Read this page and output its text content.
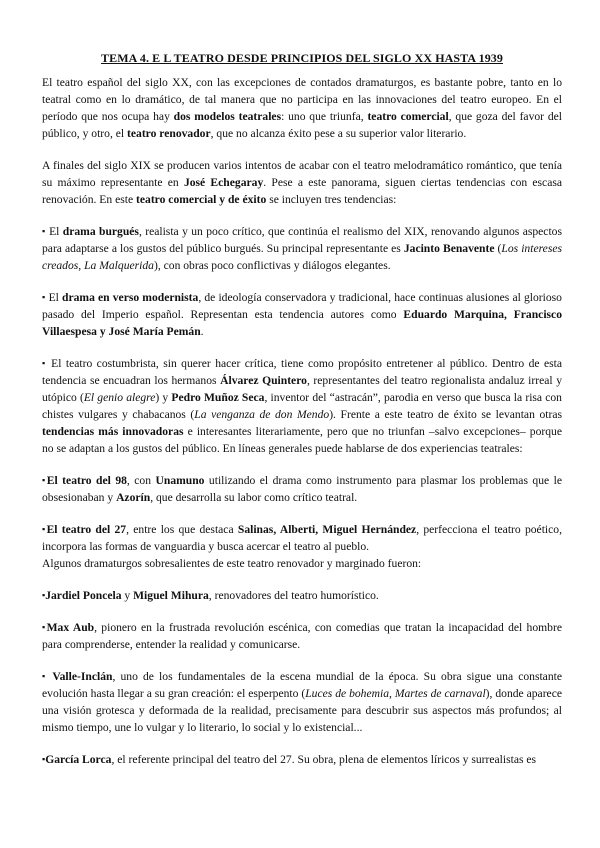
TEMA 4. E L TEATRO DESDE PRINCIPIOS DEL SIGLO XX HASTA 1939

El teatro español del siglo XX, con las excepciones de contados dramaturgos, es bastante pobre, tanto en lo teatral como en lo dramático, de tal manera que no participa en las innovaciones del teatro europeo. En el período que nos ocupa hay dos modelos teatrales: uno que triunfa, teatro comercial, que goza del favor del público, y otro, el teatro renovador, que no alcanza éxito pese a su superior valor literario.

A finales del siglo XIX se producen varios intentos de acabar con el teatro melodramático romántico, que tenía su máximo representante en José Echegaray. Pese a este panorama, siguen ciertas tendencias con escasa renovación. En este teatro comercial y de éxito se incluyen tres tendencias:

▪ El drama burgués, realista y un poco crítico, que continúa el realismo del XIX, renovando algunos aspectos para adaptarse a los gustos del público burgués. Su principal representante es Jacinto Benavente (Los intereses creados, La Malquerida), con obras poco conflictivas y diálogos elegantes.

▪ El drama en verso modernista, de ideología conservadora y tradicional, hace continuas alusiones al glorioso pasado del Imperio español. Representan esta tendencia autores como Eduardo Marquina, Francisco Villaespesa y José María Pemán.

▪ El teatro costumbrista, sin querer hacer crítica, tiene como propósito entretener al público. Dentro de esta tendencia se encuadran los hermanos Álvarez Quintero, representantes del teatro regionalista andaluz irreal y utópico (El genio alegre) y Pedro Muñoz Seca, inventor del “astracán”, parodia en verso que busca la risa con chistes vulgares y chabacanos (La venganza de don Mendo). Frente a este teatro de éxito se levantan otras tendencias más innovadoras e interesantes literariamente, pero que no triunfan –salvo excepciones– porque no se adaptan a los gustos del público. En líneas generales puede hablarse de dos experiencias teatrales:

▪El teatro del 98, con Unamuno utilizando el drama como instrumento para plasmar los problemas que le obsesionaban y Azorín, que desarrolla su labor como crítico teatral.

▪El teatro del 27, entre los que destaca Salinas, Alberti, Miguel Hernández, perfecciona el teatro poético, incorpora las formas de vanguardia y busca acercar el teatro al pueblo.

Algunos dramaturgos sobresalientes de este teatro renovador y marginado fueron:

▪Jardiel Poncela y Miguel Mihura, renovadores del teatro humorístico.

▪Max Aub, pionero en la frustrada revolución escénica, con comedias que tratan la incapacidad del hombre para comprenderse, entender la realidad y comunicarse.

▪ Valle-Inclán, uno de los fundamentales de la escena mundial de la época. Su obra sigue una constante evolución hasta llegar a su gran creación: el esperpento (Luces de bohemia, Martes de carnaval), donde aparece una visión grotesca y deformada de la realidad, precisamente para descubrir sus aspectos más profundos; al mismo tiempo, une lo vulgar y lo literario, lo social y lo existencial...

▪García Lorca, el referente principal del teatro del 27. Su obra, plena de elementos líricos y surrealistas es
